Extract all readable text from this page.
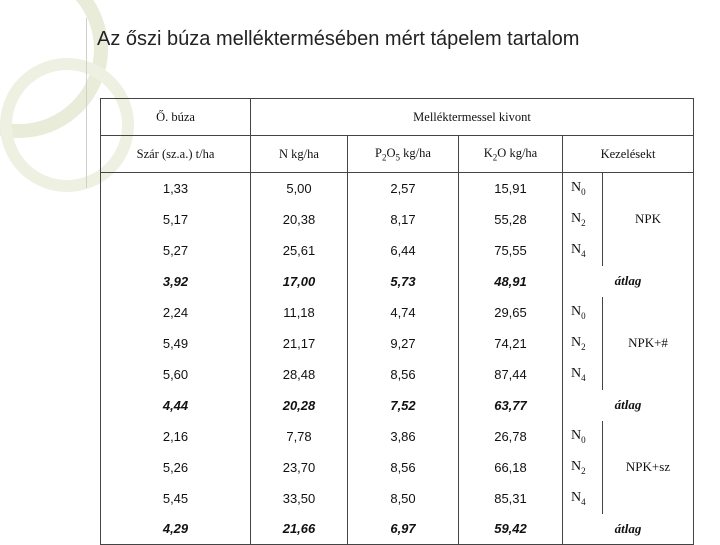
Az őszi búza melléktermésében mért tápelem tartalom
Ő. búza	Melléktermessel kivont				
Szár (sz.a.) t/ha	N kg/ha	$P_2O_5$ kg/ha	$K_2O$ kg/ha	Kezelésekt	
1,33	5,00	2,57	15,91	$N_0$	NPK
5,17	20,38	8,17	55,28	$N_2$
5,27	25,61	6,44	75,55	$N_4$
3,92	17,00	5,73	48,91	átlag	
2,24	11,18	4,74	29,65	$N_0$	NPK+#
5,49	21,17	9,27	74,21	$N_2$
5,60	28,48	8,56	87,44	$N_4$
4,44	20,28	7,52	63,77	átlag	
2,16	7,78	3,86	26,78	$N_0$	NPK+sz
5,26	23,70	8,56	66,18	$N_2$
5,45	33,50	8,50	85,31	$N_4$
4,29	21,66	6,97	59,42	átlag	
